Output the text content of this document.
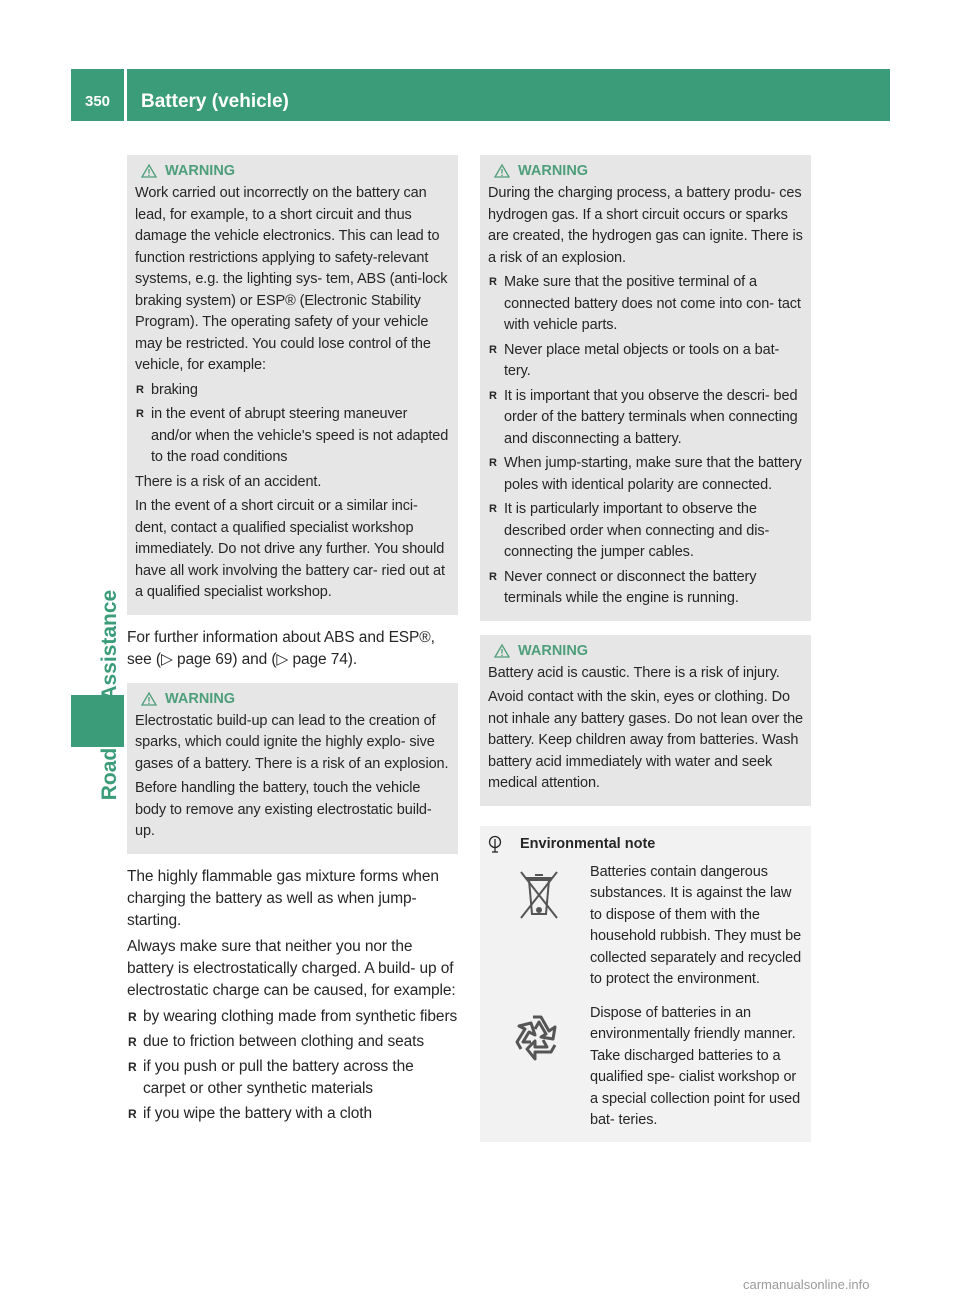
350	Battery (vehicle)
WARNING

Work carried out incorrectly on the battery can lead, for example, to a short circuit and thus damage the vehicle electronics. This can lead to function restrictions applying to safety-relevant systems, e.g. the lighting sys- tem, ABS (anti-lock braking system) or ESP® (Electronic Stability Program). The operating safety of your vehicle may be restricted. You could lose control of the vehicle, for example:

R braking
R in the event of abrupt steering maneuver and/or when the vehicle's speed is not adapted to the road conditions

There is a risk of an accident.

In the event of a short circuit or a similar inci- dent, contact a qualified specialist workshop immediately. Do not drive any further. You should have all work involving the battery car- ried out at a qualified specialist workshop.

For further information about ABS and ESP®, see (▷ page 69) and (▷ page 74).

WARNING

Electrostatic build-up can lead to the creation of sparks, which could ignite the highly explo- sive gases of a battery. There is a risk of an explosion.

Before handling the battery, touch the vehicle body to remove any existing electrostatic build-up.

The highly flammable gas mixture forms when charging the battery as well as when jump- starting.

Always make sure that neither you nor the battery is electrostatically charged. A build- up of electrostatic charge can be caused, for example:

R by wearing clothing made from synthetic fibers
R due to friction between clothing and seats
R if you push or pull the battery across the carpet or other synthetic materials
R if you wipe the battery with a cloth
WARNING

During the charging process, a battery produ- ces hydrogen gas. If a short circuit occurs or sparks are created, the hydrogen gas can ignite. There is a risk of an explosion.

R Make sure that the positive terminal of a connected battery does not come into con- tact with vehicle parts.
R Never place metal objects or tools on a bat- tery.
R It is important that you observe the descri- bed order of the battery terminals when connecting and disconnecting a battery.
R When jump-starting, make sure that the battery poles with identical polarity are connected.
R It is particularly important to observe the described order when connecting and dis- connecting the jumper cables.
R Never connect or disconnect the battery terminals while the engine is running.
WARNING

Battery acid is caustic. There is a risk of injury.

Avoid contact with the skin, eyes or clothing. Do not inhale any battery gases. Do not lean over the battery. Keep children away from batteries. Wash battery acid immediately with water and seek medical attention.

Environmental note
Batteries contain dangerous substances. It is against the law to dispose of them with the household rubbish. They must be collected separately and recycled to protect the environment.
Dispose of batteries in an environmentally friendly manner. Take discharged batteries to a qualified spe- cialist workshop or a special collection point for used bat- teries.
carmanualsonline.info
